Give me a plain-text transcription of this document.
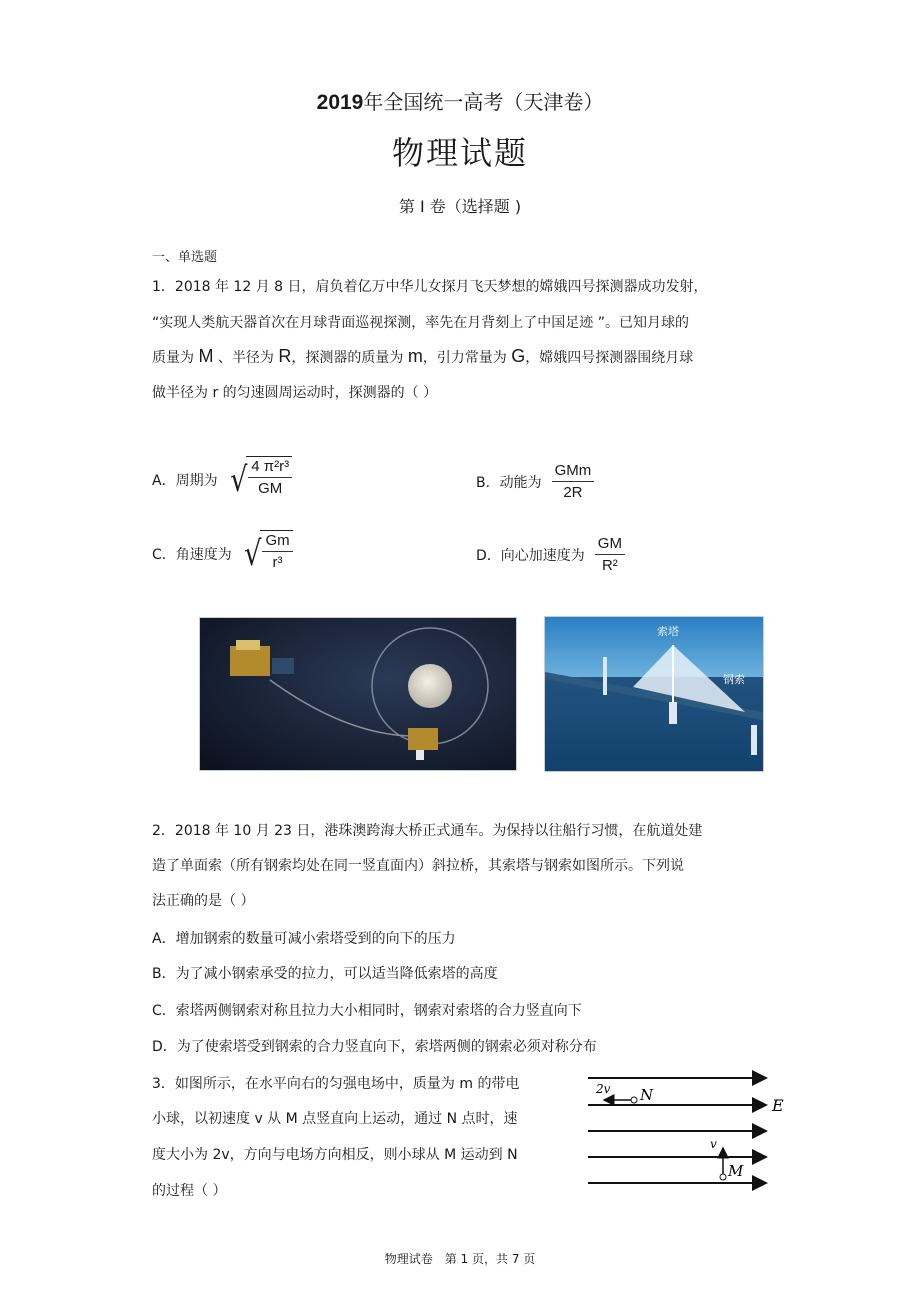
2019年全国统一高考（天津卷）
物理试题
第 I 卷（选择题 )
一、单选题
1．2018 年 12 月 8 日，肩负着亿万中华儿女探月飞天梦想的嫦娥四号探测器成功发射，
“实现人类航天器首次在月球背面巡视探测，率先在月背刻上了中国足迹 ”。已知月球的
质量为 M 、半径为 R，探测器的质量为 m，引力常量为 G，嫦娥四号探测器围绕月球
做半径为 r 的匀速圆周运动时，探测器的（ ）
A．周期为 √ $\frac{\text{4 π²r³}}{GM}$	B．动能为 $\frac{\text{GMm}}{2R}$
C．角速度为 √ $\frac{Gm}{\text{r³}}$	D．向心加速度为 $\frac{GM}{\text{R²}}$
索塔
钢索
2．2018 年 10 月 23 日，港珠澳跨海大桥正式通车。为保持以往船行习惯，在航道处建
造了单面索（所有钢索均处在同一竖直面内）斜拉桥，其索塔与钢索如图所示。下列说
法正确的是（ ）
A．增加钢索的数量可减小索塔受到的向下的压力
B．为了减小钢索承受的拉力，可以适当降低索塔的高度
C．索塔两侧钢索对称且拉力大小相同时，钢索对索塔的合力竖直向下
D．为了使索塔受到钢索的合力竖直向下，索塔两侧的钢索必须对称分布
3．如图所示，在水平向右的匀强电场中，质量为 m 的带电
小球，以初速度 v 从 M 点竖直向上运动，通过 N 点时，速
度大小为 2v，方向与电场方向相反，则小球从 M 运动到 N
的过程（ ）
2v N
E
v
M
物理试卷　第 1 页，共 7 页
